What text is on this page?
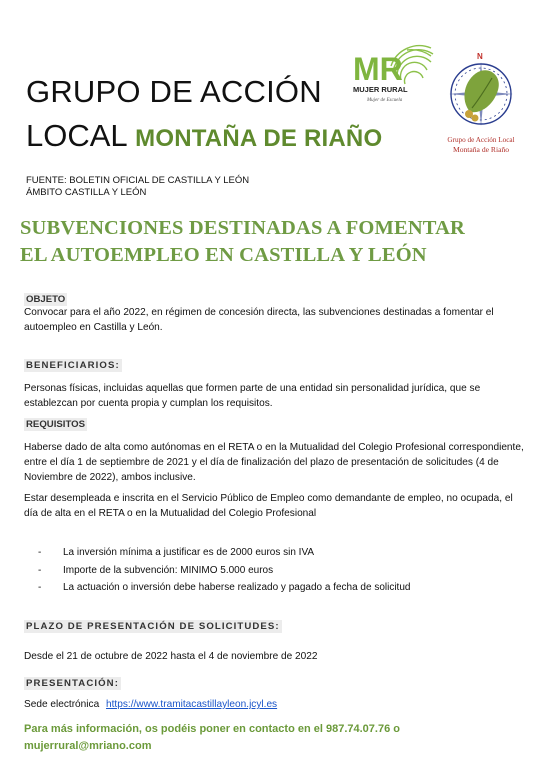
GRUPO DE ACCIÓN
LOCAL MONTAÑA DE RIAÑO
MR
MUJER RURAL
Mujer de Escuela
N
Grupo de Acción Local
Montaña de Riaño
FUENTE: BOLETIN OFICIAL DE CASTILLA Y LEÓN
ÁMBITO CASTILLA Y LEÓN
SUBVENCIONES DESTINADAS A FOMENTAR
EL AUTOEMPLEO EN CASTILLA Y LEÓN
OBJETO
Convocar para el año 2022, en régimen de concesión directa, las subvenciones destinadas a fomentar el autoempleo en Castilla y León.
BENEFICIARIOS:
Personas físicas, incluidas aquellas que formen parte de una entidad sin personalidad jurídica, que se establezcan por cuenta propia y cumplan los requisitos.
REQUISITOS
Haberse dado de alta como autónomas en el RETA o en la Mutualidad del Colegio Profesional correspondiente, entre el día 1 de septiembre de 2021 y el día de finalización del plazo de presentación de solicitudes (4 de Noviembre de 2022), ambos inclusive.
Estar desempleada e inscrita en el Servicio Público de Empleo como demandante de empleo, no ocupada, el día de alta en el RETA o en la Mutualidad del Colegio Profesional
- La inversión mínima a justificar es de 2000 euros sin IVA
- Importe de la subvención: MINIMO 5.000 euros
- La actuación o inversión debe haberse realizado y pagado a fecha de solicitud
PLAZO DE PRESENTACIÓN DE SOLICITUDES:
Desde el 21 de octubre de 2022 hasta el 4 de noviembre de 2022
PRESENTACIÓN:
Sede electrónica https://www.tramitacastillayleon.jcyl.es
Para más información, os podéis poner en contacto en el 987.74.07.76 o
mujerrural@mriano.com
